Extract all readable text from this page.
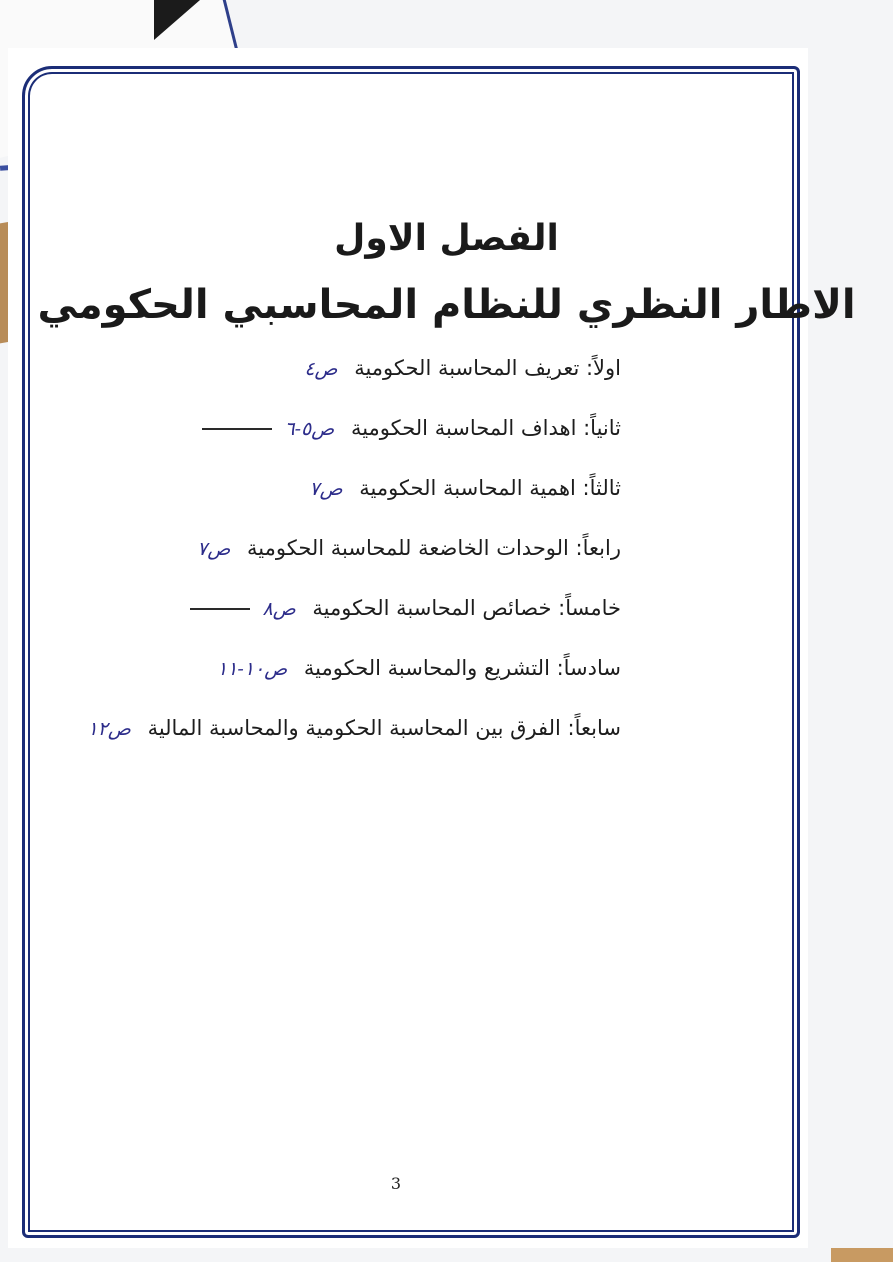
الفصل الاول
الاطار النظري للنظام المحاسبي الحكومي
اولاً: تعريف المحاسبة الحكومية ص٤
ثانياً: اهداف المحاسبة الحكومية ص٥-٦
ثالثاً: اهمية المحاسبة الحكومية ص٧
رابعاً: الوحدات الخاضعة للمحاسبة الحكومية ص٧
خامساً: خصائص المحاسبة الحكومية ص٨
سادساً: التشريع والمحاسبة الحكومية ص١٠-١١
سابعاً: الفرق بين المحاسبة الحكومية والمحاسبة المالية ص١٢
3
